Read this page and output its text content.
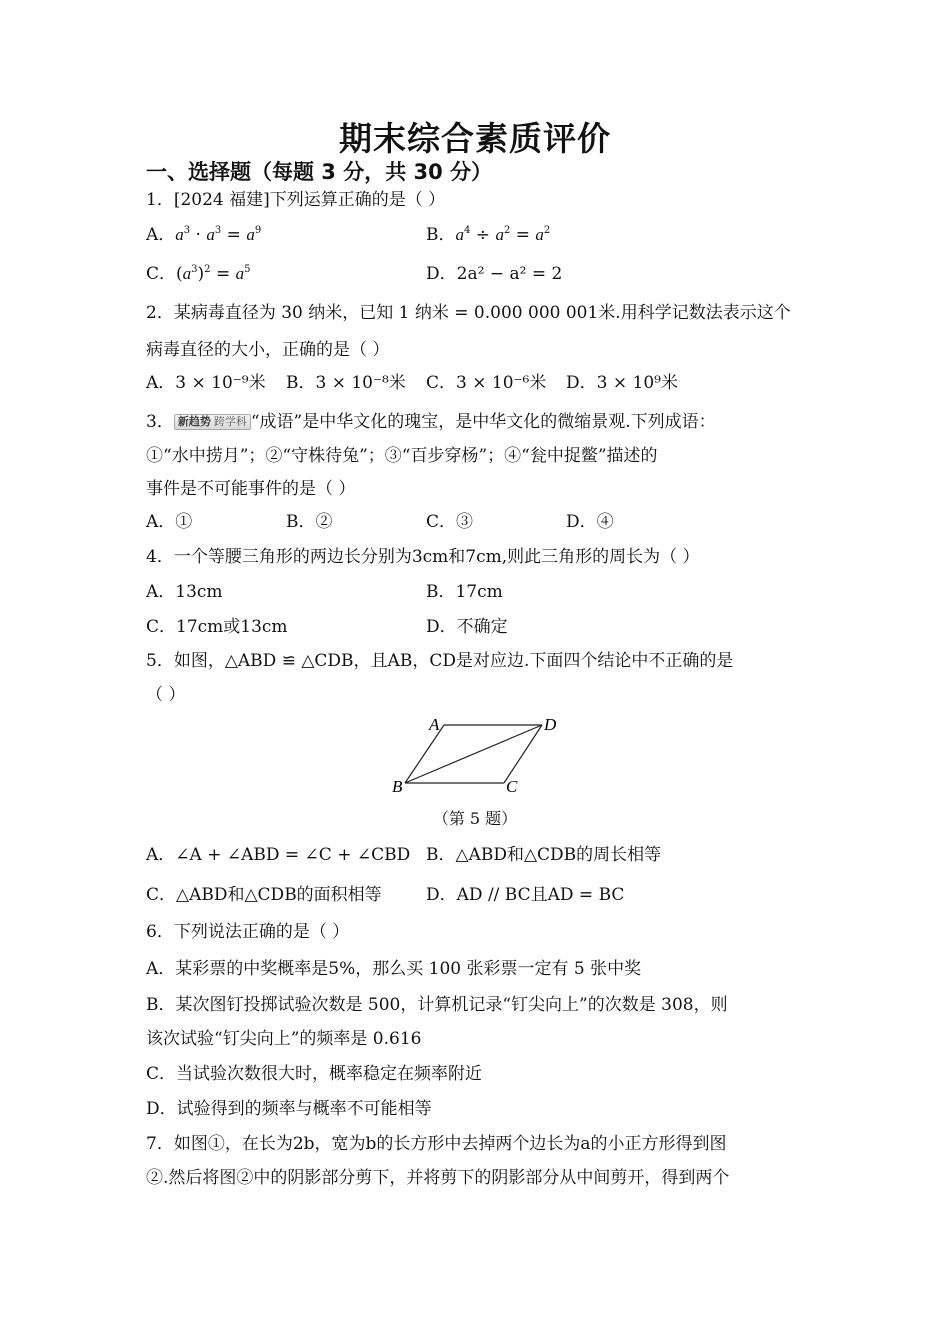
期末综合素质评价
一、选择题（每题 3 分，共 30 分）
1．[2024 福建]下列运算正确的是（ ）
A．$a^3 \cdot a^3 = a^9$	B．$a^4 \div a^2 = a^2$
C．$(a^3)^2 = a^5$	D．2a² − a² = 2
2．某病毒直径为 30 纳米，已知 1 纳米 = 0.000 000 001米.用科学记数法表示这个
病毒直径的大小，正确的是（ ）
A．3 × 10⁻⁹米 B．3 × 10⁻⁸米 C．3 × 10⁻⁶米 D．3 × 10⁹米
3． 新趋势 跨学科 “成语”是中华文化的瑰宝，是中华文化的微缩景观.下列成语：
①“水中捞月”；②“守株待兔”；③“百步穿杨”；④“瓮中捉鳖”描述的
事件是不可能事件的是（ ）
A．①	B．②	C．③	D．④
4．一个等腰三角形的两边长分别为3cm和7cm,则此三角形的周长为（ ）
A．13cm	B．17cm
C．17cm或13cm	D．不确定
5．如图，△ABD ≌ △CDB，且AB，CD是对应边.下面四个结论中不正确的是
（ ）
A	D
B	C
（第 5 题）
A．∠A + ∠ABD = ∠C + ∠CBD B．△ABD和△CDB的周长相等
C．△ABD和△CDB的面积相等	D．AD // BC且AD = BC
6．下列说法正确的是（ ）
A．某彩票的中奖概率是5%，那么买 100 张彩票一定有 5 张中奖
B．某次图钉投掷试验次数是 500，计算机记录“钉尖向上”的次数是 308，则
该次试验“钉尖向上”的频率是 0.616
C．当试验次数很大时，概率稳定在频率附近
D．试验得到的频率与概率不可能相等
7．如图①，在长为2b，宽为b的长方形中去掉两个边长为a的小正方形得到图
②.然后将图②中的阴影部分剪下，并将剪下的阴影部分从中间剪开，得到两个
